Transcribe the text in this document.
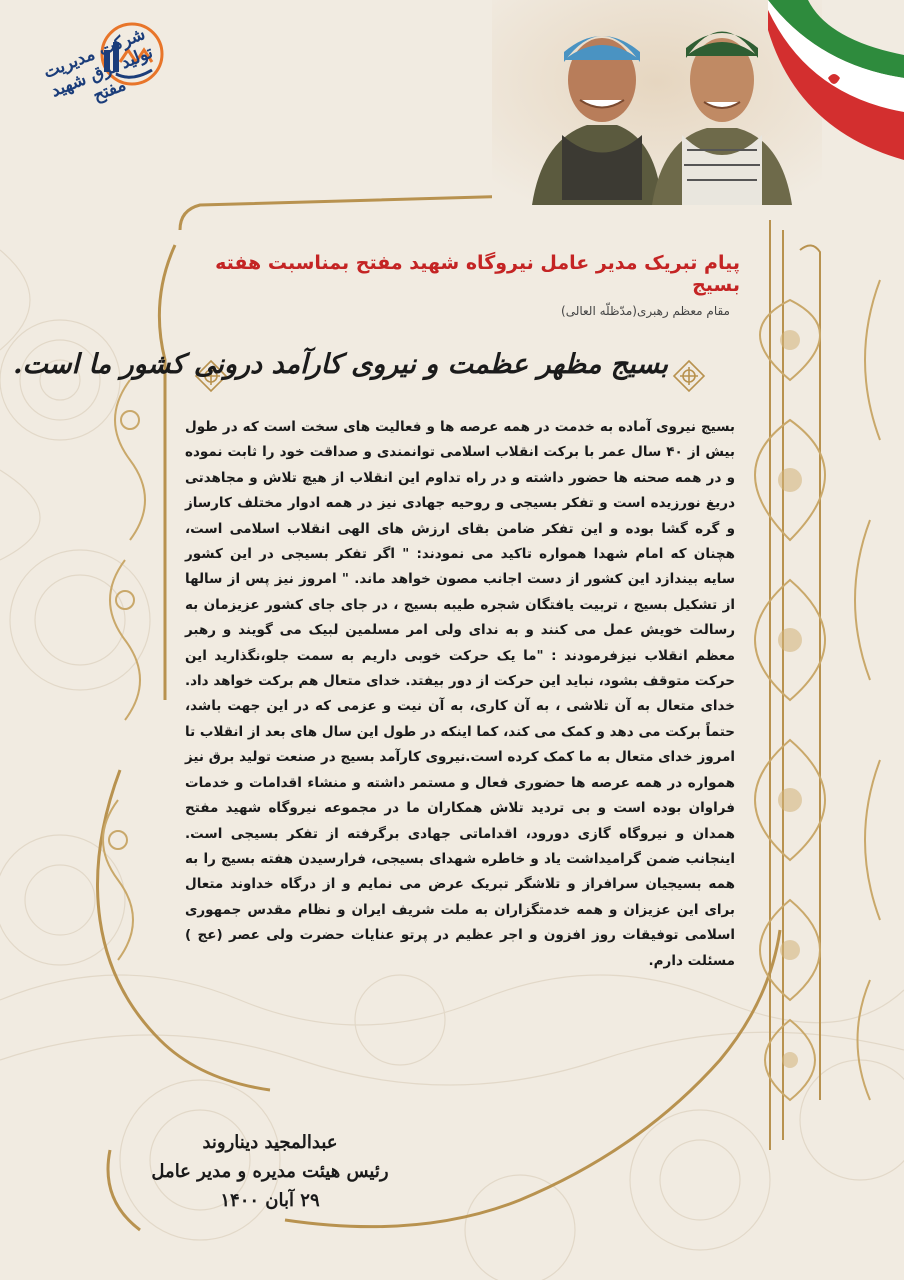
شرکت مدیریت تولید برق شهید مفتح
پیام تبریک مدیر عامل نیروگاه شهید مفتح بمناسبت هفته بسیج
مقام معظم رهبری(مدّظلّه العالی)
بسیج مظهر عظمت و نیروی کارآمد درونی کشور ما است.

بسیج نیروی آماده به خدمت در همه عرصه ها و فعالیت های سخت است که در طول بیش از ۴۰ سال عمر با برکت انقلاب اسلامی توانمندی و صداقت خود را ثابت نموده و در همه صحنه ها حضور داشته و در راه تداوم این انقلاب از هیچ تلاش و مجاهدتی دریغ نورزیده است و تفکر بسیجی و روحیه جهادی نیز در همه ادوار مختلف کارساز و گره گشا بوده و این تفکر ضامن بقای ارزش های الهی انقلاب اسلامی است، هچنان که امام شهدا همواره تاکید می نمودند: " اگر تفکر بسیجی در این کشور سایه بیندازد این کشور از دست اجانب مصون خواهد ماند. " امروز نیز پس از سالها از تشکیل بسیج ، تربیت یافتگان شجره طیبه بسیج ، در جای جای کشور عزیزمان به رسالت خویش عمل می کنند و به ندای ولی امر مسلمین لبیک می گویند و رهبر معظم انقلاب نیزفرمودند : "ما یک حرکت خوبی داریم به سمت جلو،نگذارید این حرکت متوقف بشود، نباید این حرکت از دور بیفتد. خدای متعال هم برکت خواهد داد. خدای متعال به آن تلاشی ، به آن کاری، به آن نیت و عزمی که در این جهت باشد، حتماً برکت می دهد و کمک می کند، کما اینکه در طول این سال های بعد از انقلاب تا امروز خدای متعال به ما کمک کرده است.نیروی کارآمد بسیج در صنعت تولید برق نیز همواره در همه عرصه ها حضوری فعال و مستمر داشته و منشاء اقدامات و خدمات فراوان بوده است و بی تردید تلاش همکاران ما در مجموعه نیروگاه شهید مفتح همدان و نیروگاه گازی دورود، اقداماتی جهادی برگرفته از تفکر بسیجی است. اینجانب ضمن گرامیداشت یاد و خاطره شهدای بسیجی، فرارسیدن هفته بسیج را به همه بسیجیان سرافراز و تلاشگر تبریک عرض می نمایم و از درگاه خداوند متعال برای این عزیزان و همه خدمتگزاران به ملت شریف ایران و نظام مقدس جمهوری اسلامی توفیقات روز افزون و اجر عظیم در پرتو عنایات حضرت ولی عصر (عج ) مسئلت دارم.

عبدالمجید دیناروند
رئیس هیئت مدیره و مدیر عامل
۲۹ آبان ۱۴۰۰
